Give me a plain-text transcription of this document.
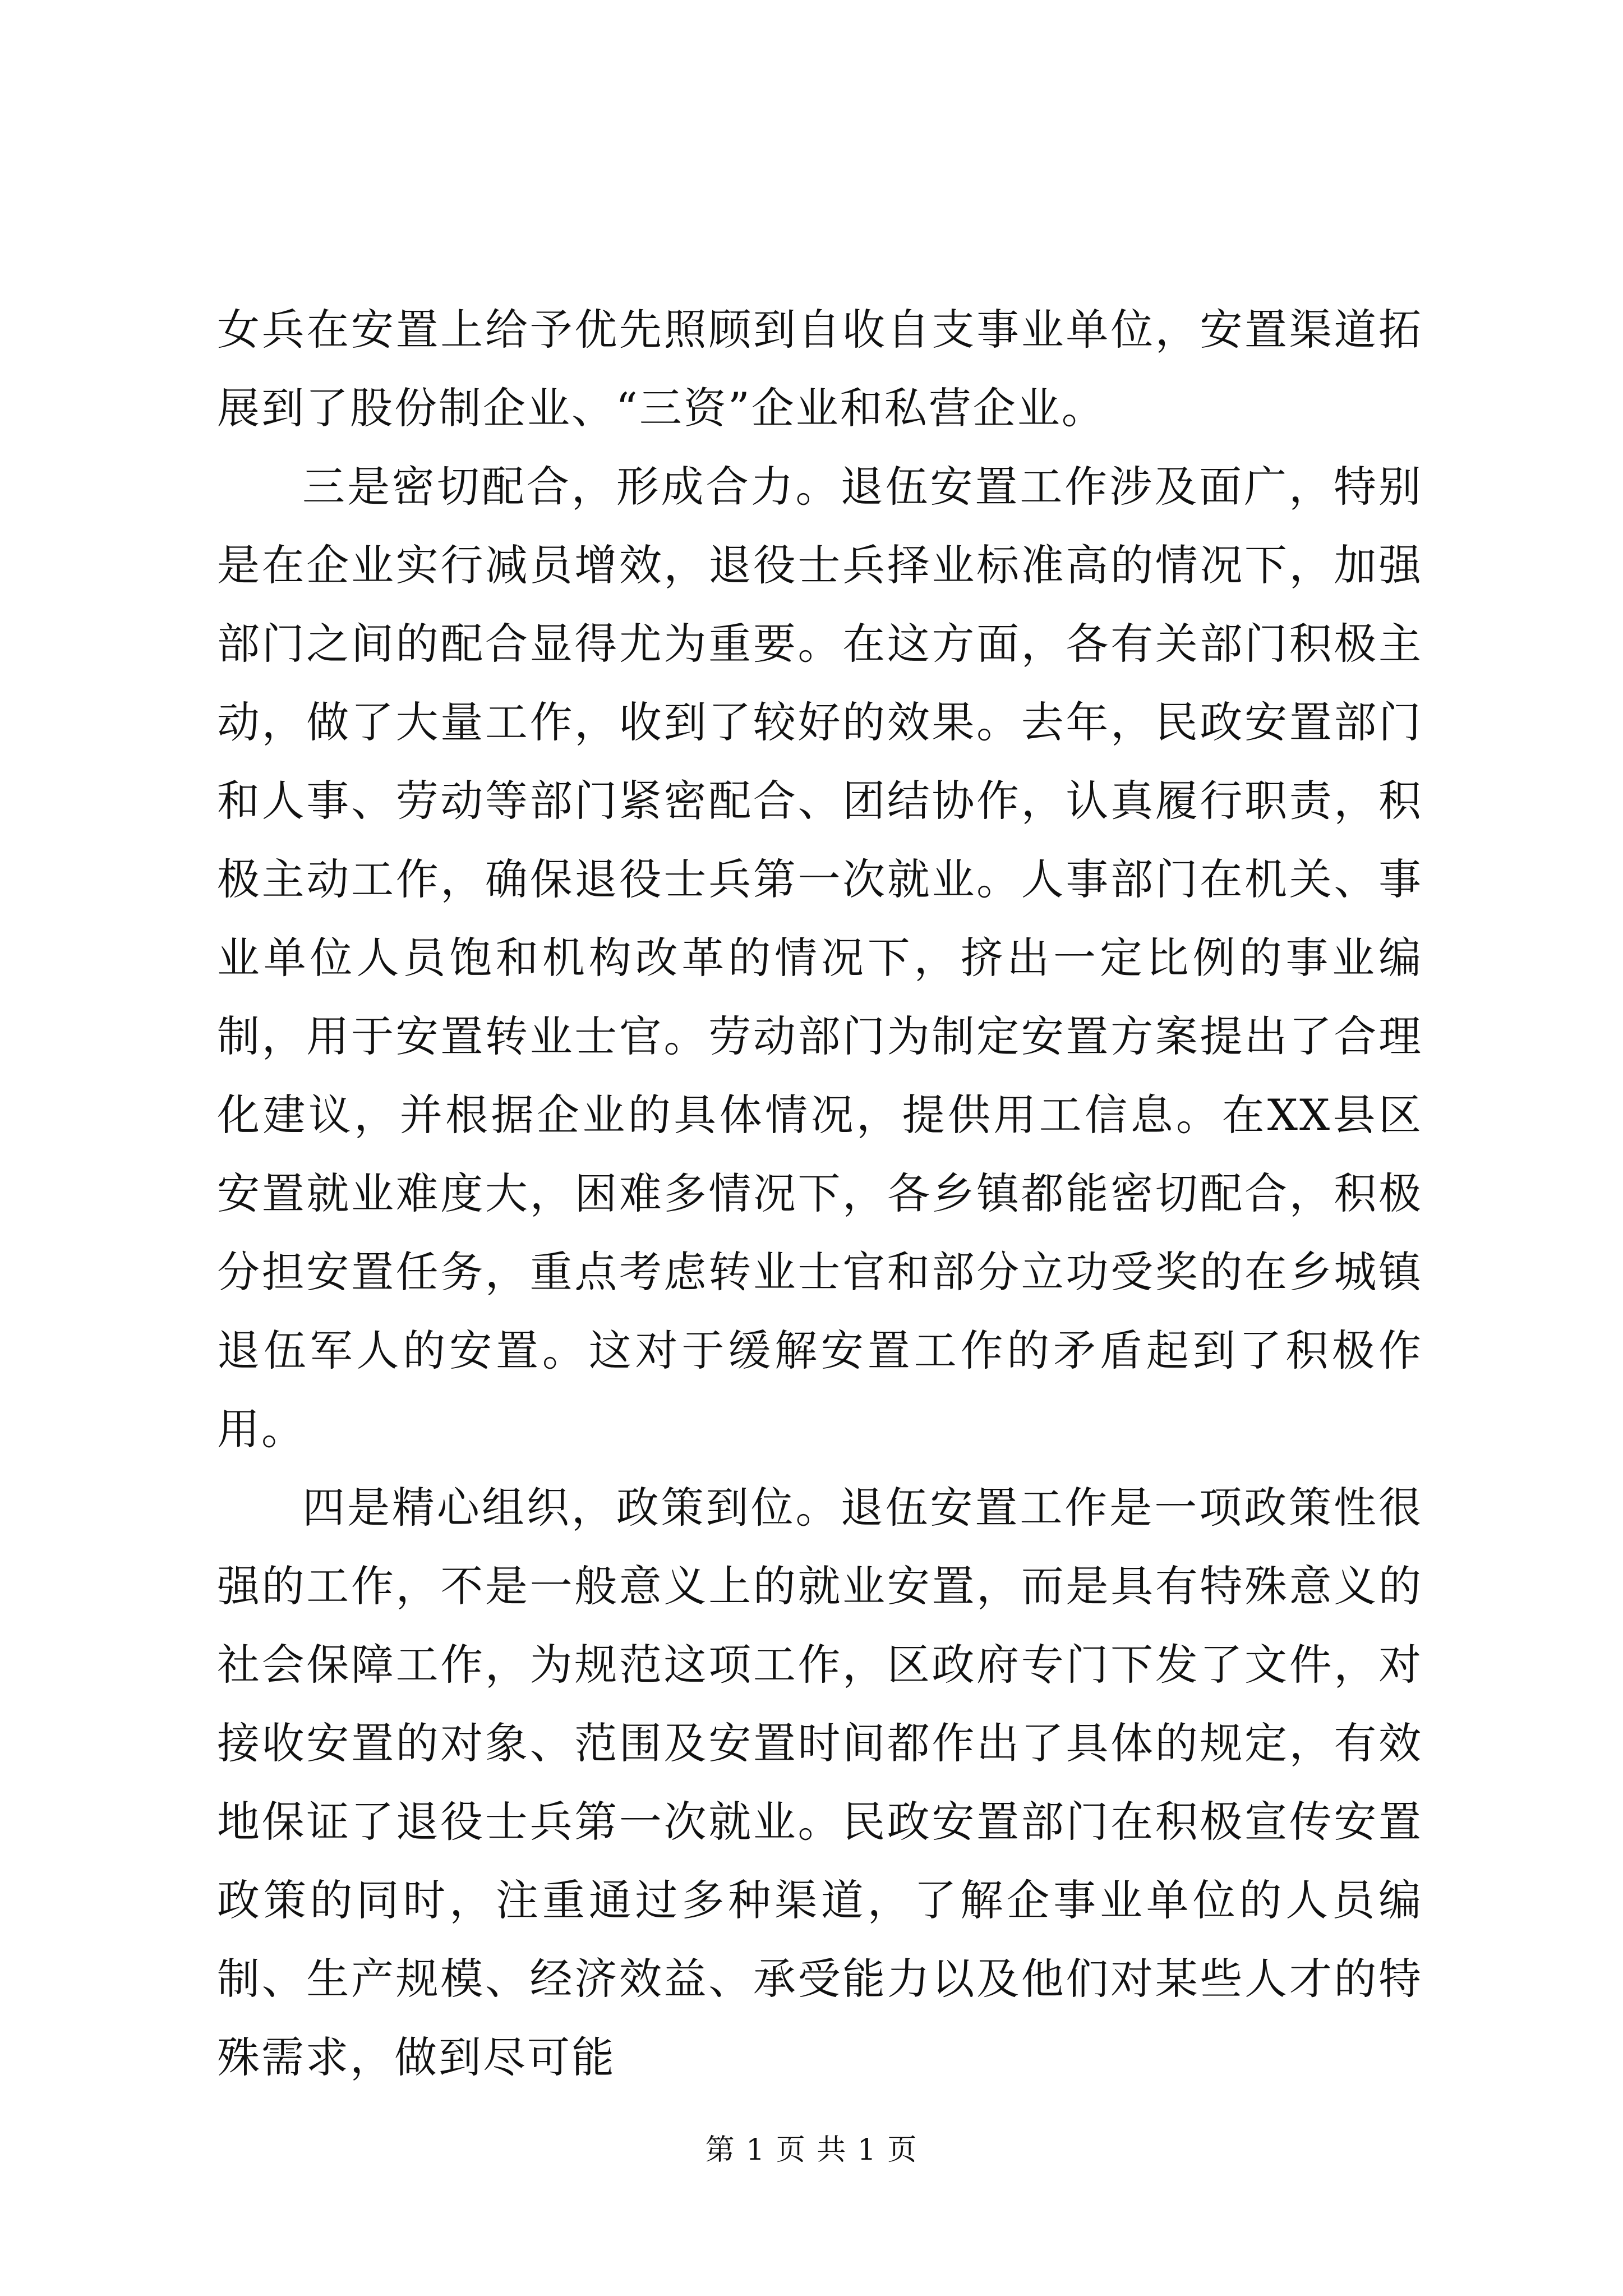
女兵在安置上给予优先照顾到自收自支事业单位，安置渠道拓展到了股份制企业、“三资”企业和私营企业。

三是密切配合，形成合力。退伍安置工作涉及面广，特别是在企业实行减员增效，退役士兵择业标准高的情况下，加强部门之间的配合显得尤为重要。在这方面，各有关部门积极主动，做了大量工作，收到了较好的效果。去年，民政安置部门和人事、劳动等部门紧密配合、团结协作，认真履行职责，积极主动工作，确保退役士兵第一次就业。人事部门在机关、事业单位人员饱和机构改革的情况下，挤出一定比例的事业编制，用于安置转业士官。劳动部门为制定安置方案提出了合理化建议，并根据企业的具体情况，提供用工信息。在XX县区安置就业难度大，困难多情况下，各乡镇都能密切配合，积极分担安置任务，重点考虑转业士官和部分立功受奖的在乡城镇退伍军人的安置。这对于缓解安置工作的矛盾起到了积极作用。

四是精心组织，政策到位。退伍安置工作是一项政策性很强的工作，不是一般意义上的就业安置，而是具有特殊意义的社会保障工作，为规范这项工作，区政府专门下发了文件，对接收安置的对象、范围及安置时间都作出了具体的规定，有效地保证了退役士兵第一次就业。民政安置部门在积极宣传安置政策的同时，注重通过多种渠道，了解企事业单位的人员编制、生产规模、经济效益、承受能力以及他们对某些人才的特殊需求，做到尽可能

第 1 页 共 1 页
